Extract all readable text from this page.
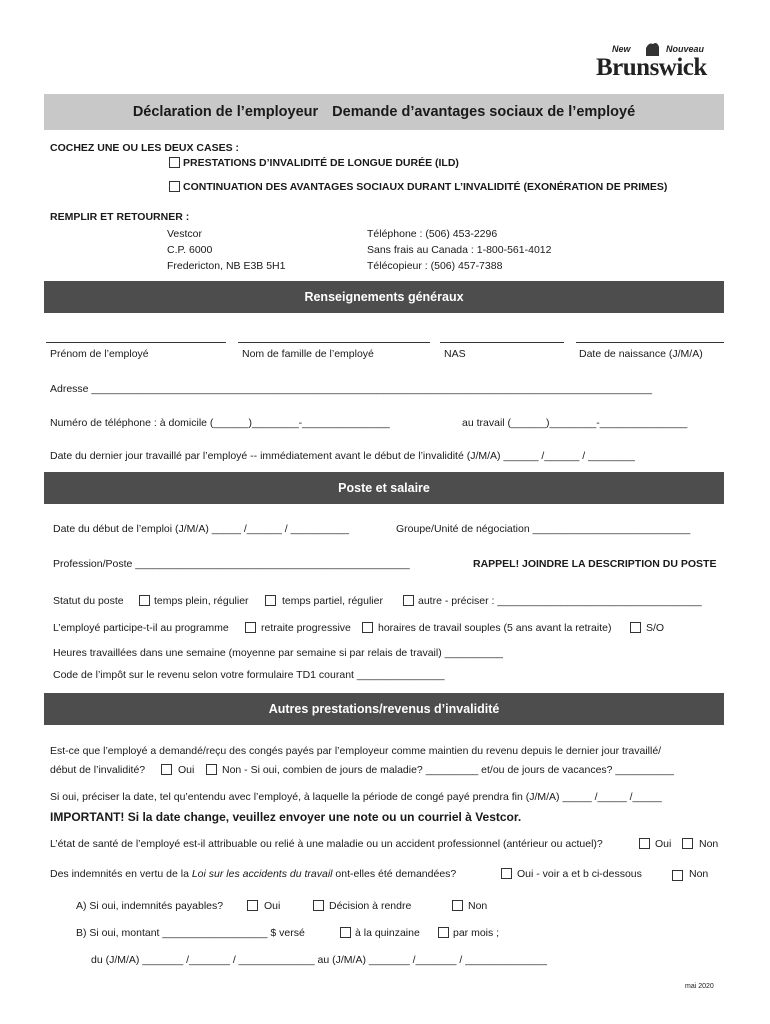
New	Nouveau
Brunswick
Déclaration de l’employeur Demande d’avantages sociaux de l’employé
COCHEZ UNE OU LES DEUX CASES :
PRESTATIONS D’INVALIDITÉ DE LONGUE DURÉE (ILD)
CONTINUATION DES AVANTAGES SOCIAUX DURANT L’INVALIDITÉ (EXONÉRATION DE PRIMES)
REMPLIR ET RETOURNER :
Vestcor
C.P. 6000
Fredericton, NB E3B 5H1
Téléphone : (506) 453-2296
Sans frais au Canada : 1-800-561-4012
Télécopieur : (506) 457-7388
Renseignements généraux
Prénom de l’employé	Nom de famille de l’employé	NAS	Date de naissance (J/M/A)
Adresse ________________________________________________________________________________________________
Numéro de téléphone : à domicile (______)________-_______________	au travail (______)________-_______________
Date du dernier jour travaillé par l’employé -- immédiatement avant le début de l’invalidité (J/M/A) ______ /______ / ________
Poste et salaire
Date du début de l’emploi (J/M/A) _____ /______ / __________	Groupe/Unité de négociation ___________________________
Profession/Poste _______________________________________________	RAPPEL! JOINDRE LA DESCRIPTION DU POSTE
Statut du poste	temps plein, régulier	temps partiel, régulier	autre - préciser : ___________________________________
L’employé participe-t-il au programme	retraite progressive	horaires de travail souples (5 ans avant la retraite)	S/O
Heures travaillées dans une semaine (moyenne par semaine si par relais de travail) __________
Code de l’impôt sur le revenu selon votre formulaire TD1 courant _______________
Autres prestations/revenus d’invalidité
Est-ce que l’employé a demandé/reçu des congés payés par l’employeur comme maintien du revenu depuis le dernier jour travaillé/
début de l’invalidité?	Oui	Non - Si oui, combien de jours de maladie? _________ et/ou de jours de vacances? __________
Si oui, préciser la date, tel qu’entendu avec l’employé, à laquelle la période de congé payé prendra fin (J/M/A) _____ /_____ /_____
IMPORTANT! Si la date change, veuillez envoyer une note ou un courriel à Vestcor.
L’état de santé de l’employé est-il attribuable ou relié à une maladie ou un accident professionnel (antérieur ou actuel)?	Oui	Non
Des indemnités en vertu de la Loi sur les accidents du travail ont-elles été demandées?	Oui - voir a et b ci-dessous	Non
A) Si oui, indemnités payables?	Oui	Décision à rendre	Non
B) Si oui, montant __________________ $ versé	à la quinzaine	par mois ;
du (J/M/A) _______ /_______ / _____________ au (J/M/A) _______ /_______ / ______________
mai 2020
